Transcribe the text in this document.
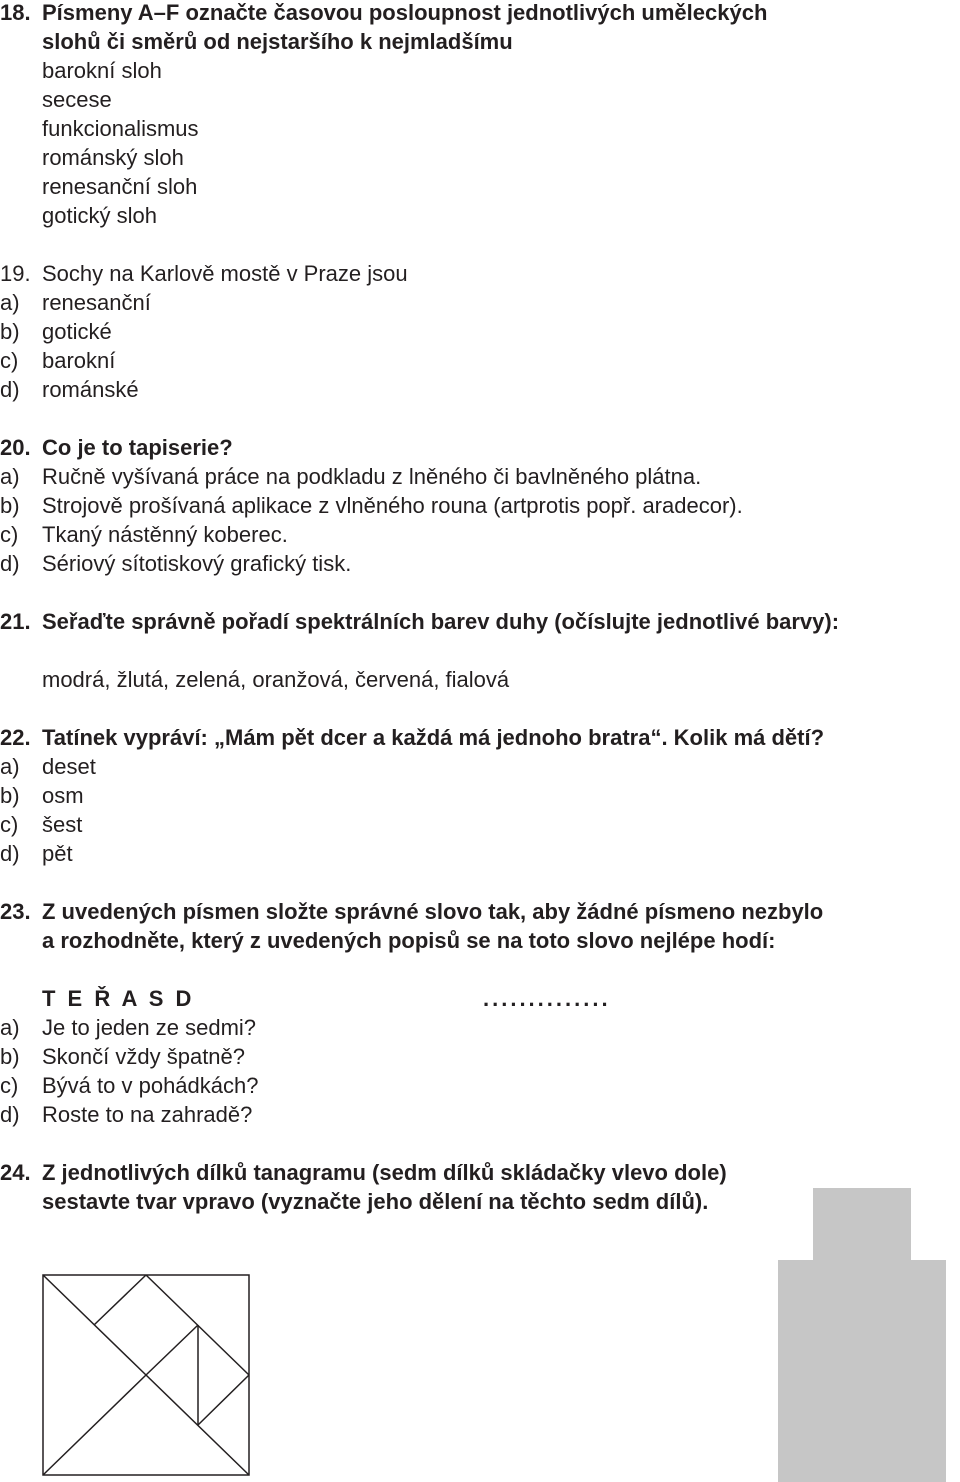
18. Písmeny A–F označte časovou posloupnost jednotlivých uměleckých
slohů či směrů od nejstaršího k nejmladšímu
barokní sloh
secese
funkcionalismus
románský sloh
renesanční sloh
gotický sloh
19. Sochy na Karlově mostě v Praze jsou
a) renesanční
b) gotické
c) barokní
d) románské
20. Co je to tapiserie?
a) Ručně vyšívaná práce na podkladu z lněného či bavlněného plátna.
b) Strojově prošívaná aplikace z vlněného rouna (artprotis popř. aradecor).
c) Tkaný nástěnný koberec.
d) Sériový sítotiskový grafický tisk.
21. Seřaďte správně pořadí spektrálních barev duhy (očíslujte jednotlivé barvy):
modrá, žlutá, zelená, oranžová, červená, fialová
22. Tatínek vypráví: „Mám pět dcer a každá má jednoho bratra“. Kolik má dětí?
a) deset
b) osm
c) šest
d) pět
23. Z uvedených písmen složte správné slovo tak, aby žádné písmeno nezbylo
a rozhodněte, který z uvedených popisů se na toto slovo nejlépe hodí:
T E Ř A S D	..............
a) Je to jeden ze sedmi?
b) Skončí vždy špatně?
c) Bývá to v pohádkách?
d) Roste to na zahradě?
24. Z jednotlivých dílků tanagramu (sedm dílků skládačky vlevo dole)
sestavte tvar vpravo (vyznačte jeho dělení na těchto sedm dílů).
